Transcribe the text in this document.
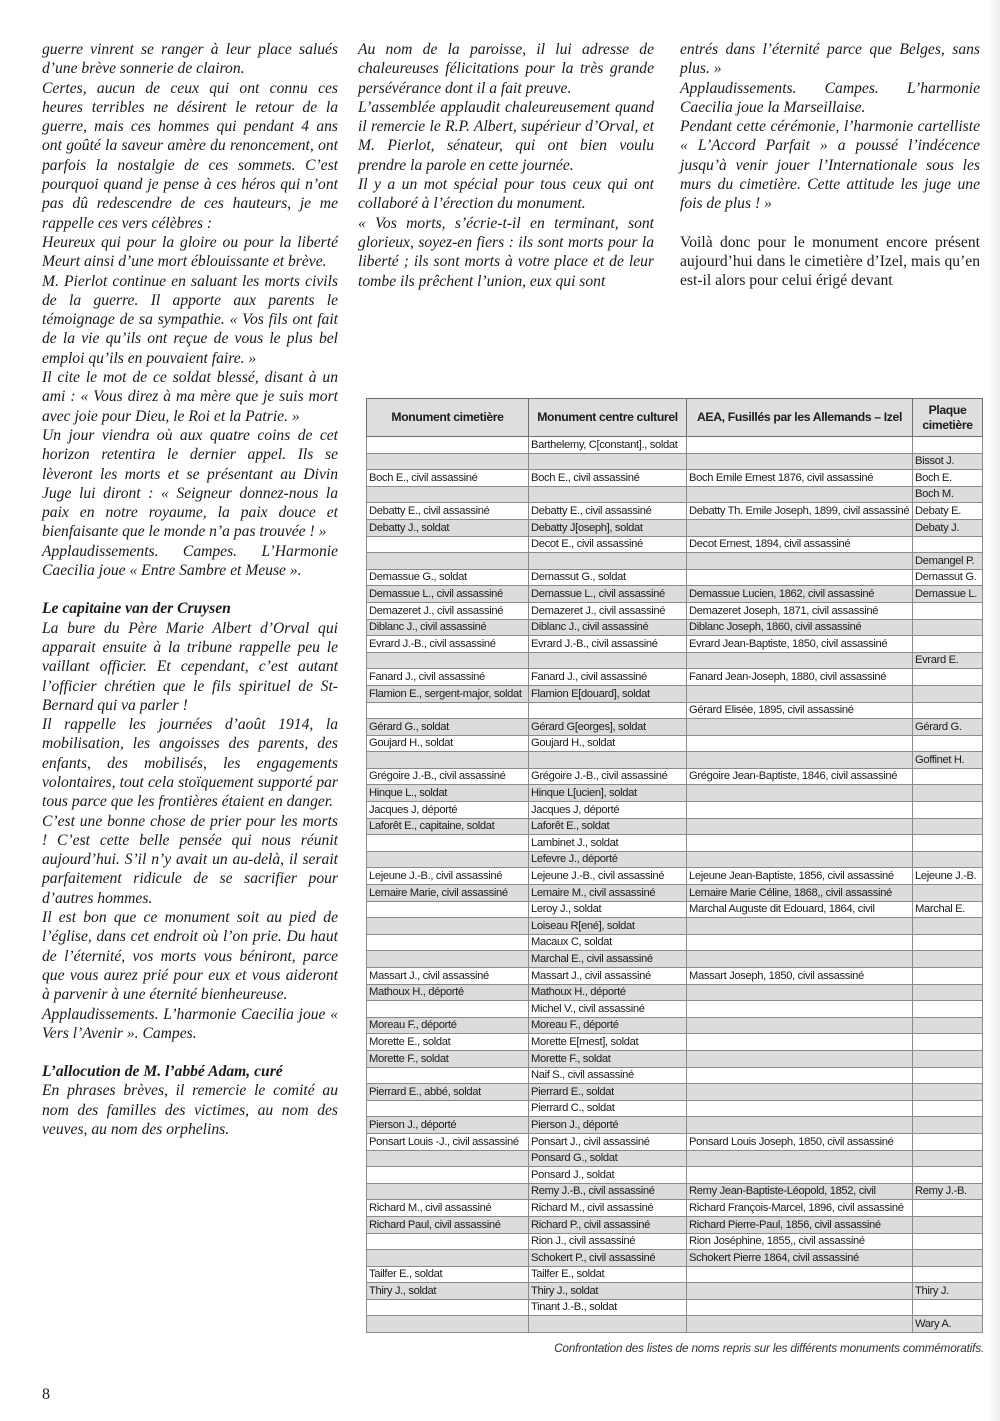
guerre vinrent se ranger à leur place salués d’une brève sonnerie de clairon.

Certes, aucun de ceux qui ont connu ces heures terribles ne désirent le retour de la guerre, mais ces hommes qui pendant 4 ans ont goûté la saveur amère du renoncement, ont parfois la nostalgie de ces sommets. C’est pourquoi quand je pense à ces héros qui n’ont pas dû redescendre de ces hauteurs, je me rappelle ces vers célèbres :

Heureux qui pour la gloire ou pour la liberté Meurt ainsi d’une mort éblouissante et brève.

M. Pierlot continue en saluant les morts civils de la guerre. Il apporte aux parents le témoignage de sa sympathie. « Vos fils ont fait de la vie qu’ils ont reçue de vous le plus bel emploi qu’ils en pouvaient faire. »

Il cite le mot de ce soldat blessé, disant à un ami : « Vous direz à ma mère que je suis mort avec joie pour Dieu, le Roi et la Patrie. »

Un jour viendra où aux quatre coins de cet horizon retentira le dernier appel. Ils se lèveront les morts et se présentant au Divin Juge lui diront : « Seigneur donnez-nous la paix en notre royaume, la paix douce et bienfaisante que le monde n’a pas trouvée ! »

Applaudissements. Campes. L’Harmonie Caecilia joue « Entre Sambre et Meuse ».

Le capitaine van der Cruysen

La bure du Père Marie Albert d’Orval qui apparait ensuite à la tribune rappelle peu le vaillant officier. Et cependant, c’est autant l’officier chrétien que le fils spirituel de St-Bernard qui va parler !

Il rappelle les journées d’août 1914, la mobilisation, les angoisses des parents, des enfants, des mobilisés, les engagements volontaires, tout cela stoïquement supporté par tous parce que les frontières étaient en danger.

C’est une bonne chose de prier pour les morts ! C’est cette belle pensée qui nous réunit aujourd’hui. S’il n’y avait un au-delà, il serait parfaitement ridicule de se sacrifier pour d’autres hommes.

Il est bon que ce monument soit au pied de l’église, dans cet endroit où l’on prie. Du haut de l’éternité, vos morts vous béniront, parce que vous aurez prié pour eux et vous aideront à parvenir à une éternité bienheureuse.

Applaudissements. L’harmonie Caecilia joue « Vers l’Avenir ». Campes.

L’allocution de M. l’abbé Adam, curé

En phrases brèves, il remercie le comité au nom des familles des victimes, au nom des veuves, au nom des orphelins.

Au nom de la paroisse, il lui adresse de chaleureuses félicitations pour la très grande persévérance dont il a fait preuve.

L’assemblée applaudit chaleureusement quand il remercie le R.P. Albert, supérieur d’Orval, et M. Pierlot, sénateur, qui ont bien voulu prendre la parole en cette journée.

Il y a un mot spécial pour tous ceux qui ont collaboré à l’érection du monument.

« Vos morts, s’écrie-t-il en terminant, sont glorieux, soyez-en fiers : ils sont morts pour la liberté ; ils sont morts à votre place et de leur tombe ils prêchent l’union, eux qui sont

entrés dans l’éternité parce que Belges, sans plus. »

Applaudissements. Campes. L’harmonie Caecilia joue la Marseillaise.

Pendant cette cérémonie, l’harmonie cartelliste « L’Accord Parfait » a poussé l’indécence jusqu’à venir jouer l’Internationale sous les murs du cimetière. Cette attitude les juge une fois de plus ! »

Voilà donc pour le monument encore présent aujourd’hui dans le cimetière d’Izel, mais qu’en est-il alors pour celui érigé devant

Monument cimetière	Monument centre culturel	AEA, Fusillés par les Allemands – Izel	Plaque cimetière
	Barthelemy, C[constant]., soldat		
			Bissot J.
Boch E., civil assassiné	Boch E., civil assassiné	Boch Emile Ernest 1876, civil assassiné	Boch E.
			Boch M.
Debatty E., civil assassiné	Debatty E., civil assassiné	Debatty Th. Emile Joseph, 1899, civil assassiné	Debaty E.
Debatty J., soldat	Debatty J[oseph], soldat		Debaty J.
	Decot E., civil assassiné	Decot Ernest, 1894, civil assassiné	
			Demangel P.
Demassue G., soldat	Demassut G., soldat		Demassut G.
Demassue L., civil assassiné	Demassue L., civil assassiné	Demassue Lucien, 1862, civil assassiné	Demassue L.
Demazeret J., civil assassiné	Demazeret J., civil assassiné	Demazeret Joseph, 1871, civil assassiné	
Diblanc J., civil assassiné	Diblanc J., civil assassiné	Diblanc Joseph, 1860, civil assassiné	
Evrard J.-B., civil assassiné	Evrard J.-B., civil assassiné	Evrard Jean-Baptiste, 1850, civil assassiné	
			Evrard E.
Fanard J., civil assassiné	Fanard J., civil assassiné	Fanard Jean-Joseph, 1880, civil assassiné	
Flamion E., sergent-major, soldat	Flamion E[douard], soldat		
		Gérard Elisée, 1895, civil assassiné	
Gérard G., soldat	Gérard G[eorges], soldat		Gérard G.
Goujard H., soldat	Goujard H., soldat		
			Goffinet H.
Grégoire J.-B., civil assassiné	Grégoire J.-B., civil assassiné	Grégoire Jean-Baptiste, 1846, civil assassiné	
Hinque L., soldat	Hinque L[ucien], soldat		
Jacques J, déporté	Jacques J, déporté		
Laforêt E., capitaine, soldat	Laforêt E., soldat		
	Lambinet J., soldat		
	Lefevre J., déporté		
Lejeune J.-B., civil assassiné	Lejeune J.-B., civil assassiné	Lejeune Jean-Baptiste, 1856, civil assassiné	Lejeune J.-B.
Lemaire Marie, civil assassiné	Lemaire M., civil assassiné	Lemaire Marie Céline, 1868,, civil assassiné	
	Leroy J., soldat	Marchal Auguste dit Edouard, 1864, civil	Marchal E.
	Loiseau R[ené], soldat		
	Macaux C, soldat		
	Marchal E., civil assassiné		
Massart J., civil assassiné	Massart J., civil assassiné	Massart Joseph, 1850, civil assassiné	
Mathoux H., déporté	Mathoux H., déporté		
	Michel V., civil assassiné		
Moreau F., déporté	Moreau F., déporté		
Morette E., soldat	Morette E[rnest], soldat		
Morette F., soldat	Morette F., soldat		
	Naif S., civil assassiné		
Pierrard E., abbé, soldat	Pierrard E., soldat		
	Pierrard C., soldat		
Pierson J., déporté	Pierson J., déporté		
Ponsart Louis -J., civil assassiné	Ponsart J., civil assassiné	Ponsard Louis Joseph, 1850, civil assassiné	
	Ponsard G., soldat		
	Ponsard J., soldat		
	Remy J.-B., civil assassiné	Remy Jean-Baptiste-Léopold, 1852, civil	Remy J.-B.
Richard M., civil assassiné	Richard M., civil assassiné	Richard François-Marcel, 1896, civil assassiné	
Richard Paul, civil assassiné	Richard P., civil assassiné	Richard Pierre-Paul, 1856, civil assassiné	
	Rion J., civil assassiné	Rion Joséphine, 1855,, civil assassiné	
	Schokert P., civil assassiné	Schokert Pierre 1864, civil assassiné	
Tailfer E., soldat	Tailfer E., soldat		
Thiry J., soldat	Thiry J., soldat		Thiry J.
	Tinant J.-B., soldat		
			Wary A.
Confrontation des listes de noms repris sur les différents monuments commémoratifs.
8
